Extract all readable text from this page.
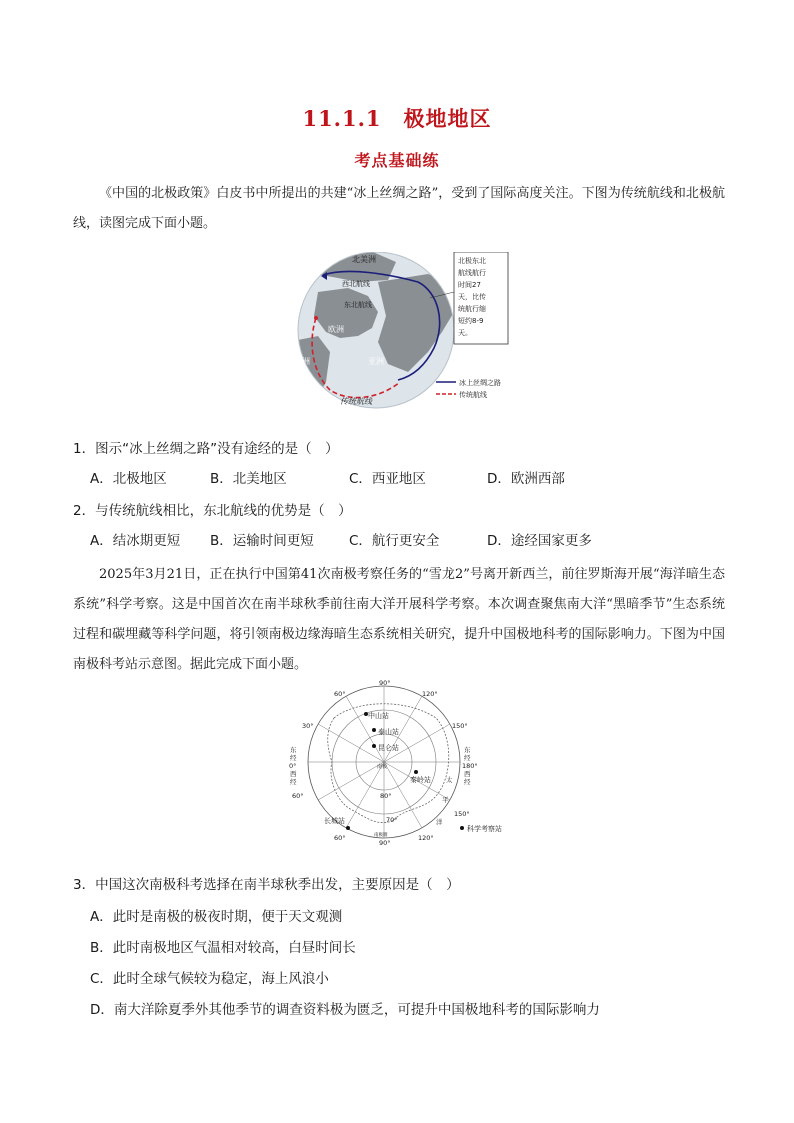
11.1.1　极地地区
考点基础练

《中国的北极政策》白皮书中所提出的共建“冰上丝绸之路”，受到了国际高度关注。下图为传统航线和北极航线，读图完成下面小题。

北美洲
西北航线
东北航线
欧洲
非洲	亚洲
传统航线
北极东北
航线航行
时间27
天，比传
统航行缩
短约8-9
天。
冰上丝绸之路
传统航线

1．图示“冰上丝绸之路”没有途经的是（　）

A．北极地区	B．北美地区	C．西亚地区	D．欧洲西部

2．与传统航线相比，东北航线的优势是（　）

A．结冰期更短 B．运输时间更短	C．航行更安全	D．途经国家更多

2025年3月21日，正在执行中国第41次南极考察任务的“雪龙2”号离开新西兰，前往罗斯海开展“海洋暗生态系统”科学考察。这是中国首次在南半球秋季前往南大洋开展科学考察。本次调查聚焦南大洋“黑暗季节”生态系统过程和碳埋藏等科学问题，将引领南极边缘海暗生态系统相关研究，提升中国极地科考的国际影响力。下图为中国南极科考站示意图。据此完成下面小题。

90°
60°	120°
30°	150°
60°
150°
60°	120°
90°
东
经
0°
西
经
东
经
180°
西
经
南极
80°
70°
太
平
洋
南极圈
中山站
泰山站
昆仑站
秦岭站
长城站
科学考察站

3．中国这次南极科考选择在南半球秋季出发，主要原因是（　）

A．此时是南极的极夜时期，便于天文观测

B．此时南极地区气温相对较高，白昼时间长

C．此时全球气候较为稳定，海上风浪小

D．南大洋除夏季外其他季节的调查资料极为匮乏，可提升中国极地科考的国际影响力
